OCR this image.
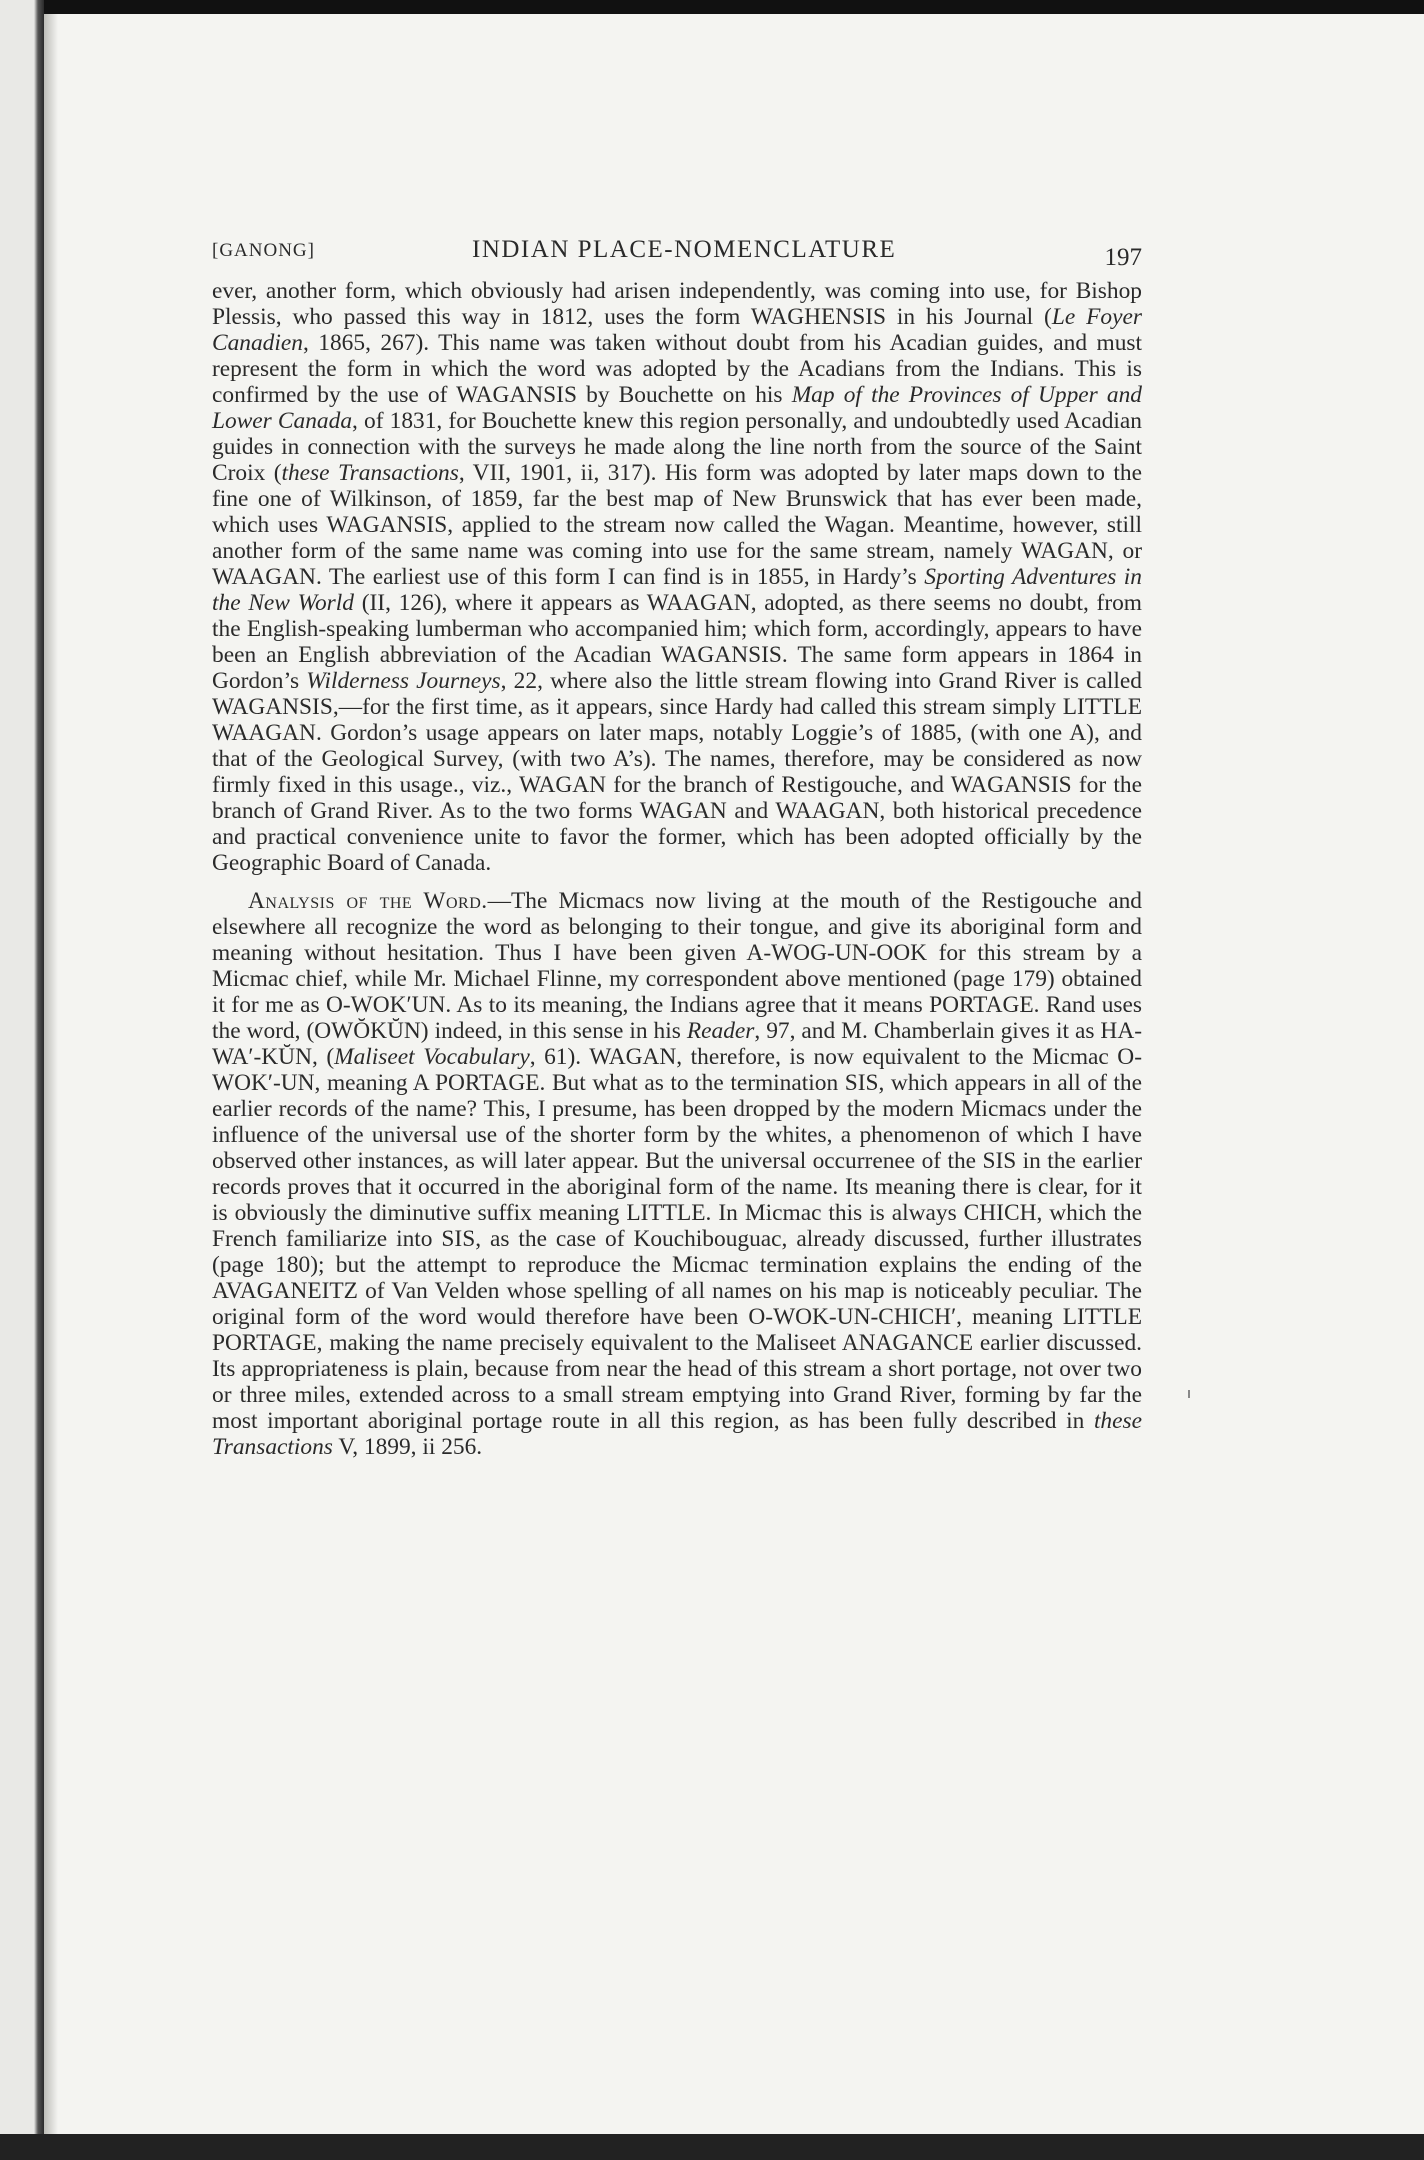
[GANONG]	INDIAN PLACE-NOMENCLATURE	197

ever, another form, which obviously had arisen independently, was coming into use, for Bishop Plessis, who passed this way in 1812, uses the form WAGHENSIS in his Journal (Le Foyer Canadien, 1865, 267). This name was taken without doubt from his Acadian guides, and must represent the form in which the word was adopted by the Acadians from the Indians. This is confirmed by the use of WAGANSIS by Bouchette on his Map of the Provinces of Upper and Lower Canada, of 1831, for Bouchette knew this region personally, and undoubtedly used Acadian guides in connection with the surveys he made along the line north from the source of the Saint Croix (these Transactions, VII, 1901, ii, 317). His form was adopted by later maps down to the fine one of Wilkinson, of 1859, far the best map of New Brunswick that has ever been made, which uses WAGANSIS, applied to the stream now called the Wagan. Meantime, however, still another form of the same name was coming into use for the same stream, namely WAGAN, or WAAGAN. The earliest use of this form I can find is in 1855, in Hardy’s Sporting Adventures in the New World (II, 126), where it appears as WAAGAN, adopted, as there seems no doubt, from the English-speaking lumberman who accompanied him; which form, accordingly, appears to have been an English abbreviation of the Acadian WAGANSIS. The same form appears in 1864 in Gordon’s Wilderness Journeys, 22, where also the little stream flowing into Grand River is called WAGANSIS,—for the first time, as it appears, since Hardy had called this stream simply LITTLE WAAGAN. Gordon’s usage appears on later maps, notably Loggie’s of 1885, (with one A), and that of the Geological Survey, (with two A’s). The names, therefore, may be considered as now firmly fixed in this usage., viz., WAGAN for the branch of Restigouche, and WAGANSIS for the branch of Grand River. As to the two forms WAGAN and WAAGAN, both historical precedence and practical convenience unite to favor the former, which has been adopted officially by the Geographic Board of Canada.

Analysis of the Word.—The Micmacs now living at the mouth of the Restigouche and elsewhere all recognize the word as belonging to their tongue, and give its aboriginal form and meaning without hesitation. Thus I have been given A-WOG-UN-OOK for this stream by a Micmac chief, while Mr. Michael Flinne, my correspondent above mentioned (page 179) obtained it for me as O-WOK′UN. As to its meaning, the Indians agree that it means PORTAGE. Rand uses the word, (OWŎKŬN) indeed, in this sense in his Reader, 97, and M. Chamberlain gives it as HA-WA′-KŬN, (Maliseet Vocabulary, 61). WAGAN, therefore, is now equivalent to the Micmac O-WOK′-UN, meaning A PORTAGE. But what as to the termination SIS, which appears in all of the earlier records of the name? This, I presume, has been dropped by the modern Micmacs under the influence of the universal use of the shorter form by the whites, a phenomenon of which I have observed other instances, as will later appear. But the universal occurrenee of the SIS in the earlier records proves that it occurred in the aboriginal form of the name. Its meaning there is clear, for it is obviously the diminutive suffix meaning LITTLE. In Micmac this is always CHICH, which the French familiarize into SIS, as the case of Kouchibouguac, already discussed, further illustrates (page 180); but the attempt to reproduce the Micmac termination explains the ending of the AVAGANEITZ of Van Velden whose spelling of all names on his map is noticeably peculiar. The original form of the word would therefore have been O-WOK-UN-CHICH′, meaning LITTLE PORTAGE, making the name precisely equivalent to the Maliseet ANAGANCE earlier discussed. Its appropriateness is plain, because from near the head of this stream a short portage, not over two or three miles, extended across to a small stream emptying into Grand River, forming by far the most important aboriginal portage route in all this region, as has been fully described in these Transactions V, 1899, ii 256.
